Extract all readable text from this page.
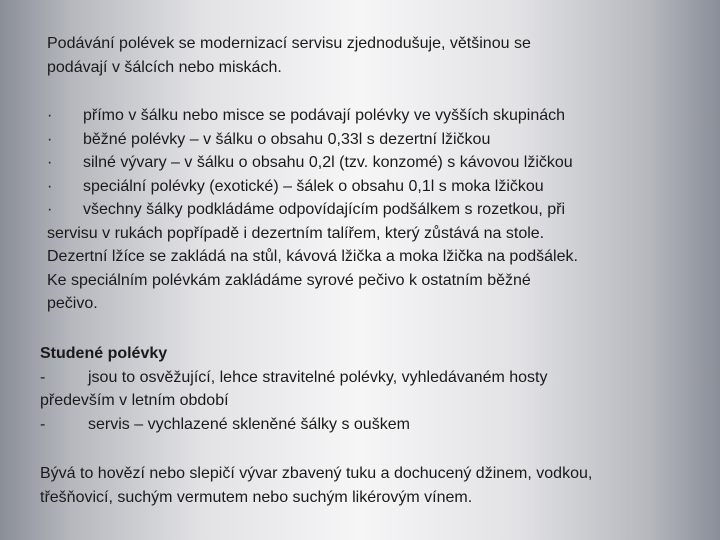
Podávání polévek se modernizací servisu zjednodušuje, většinou se

podávají v šálcích nebo miskách.

·	přímo v šálku nebo misce se podávají polévky ve vyšších skupinách
·	běžné polévky – v šálku o obsahu 0,33l s dezertní lžičkou
·	silné vývary – v šálku o obsahu 0,2l (tzv. konzomé) s kávovou lžičkou
·	speciální polévky (exotické) – šálek o obsahu 0,1l s moka lžičkou
·	všechny šálky podkládáme odpovídajícím podšálkem s rozetkou, při

servisu v rukách popřípadě i dezertním talířem, který zůstává na stole.

Dezertní lžíce se zakládá na stůl, kávová lžička a moka lžička na podšálek.

Ke speciálním polévkám zakládáme syrové pečivo k ostatním běžné

pečivo.

Studené polévky

-	jsou to osvěžující, lehce stravitelné polévky, vyhledávaném hosty

především v letním období

-	servis – vychlazené skleněné šálky s ouškem

Bývá to hovězí nebo slepičí vývar zbavený tuku a dochucený džinem, vodkou,

třešňovicí, suchým vermutem nebo suchým likérovým vínem.
